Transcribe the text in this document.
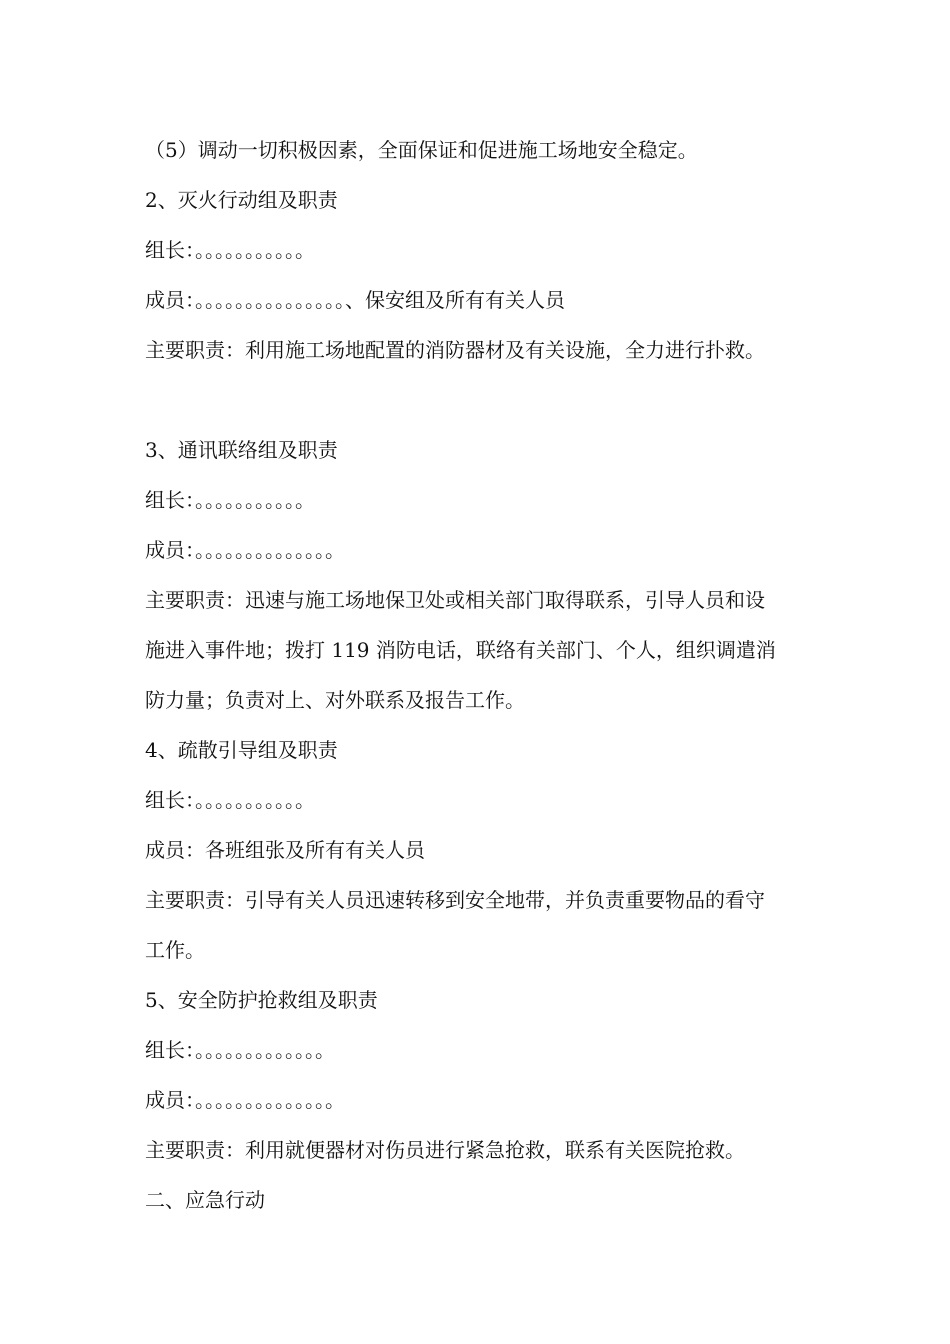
（5）调动一切积极因素，全面保证和促进施工场地安全稳定。
2、灭火行动组及职责
组长：。。。。。。。。。。。
成员：。。。。。。。。。。。。。。。、保安组及所有有关人员
主要职责：利用施工场地配置的消防器材及有关设施，全力进行扑救。
3、通讯联络组及职责
组长：。。。。。。。。。。。
成员：。。。。。。。。。。。。。。
主要职责：迅速与施工场地保卫处或相关部门取得联系，引导人员和设
施进入事件地；拨打 119 消防电话，联络有关部门、个人，组织调遣消
防力量；负责对上、对外联系及报告工作。
4、疏散引导组及职责
组长：。。。。。。。。。。。
成员：各班组张及所有有关人员
主要职责：引导有关人员迅速转移到安全地带，并负责重要物品的看守
工作。
5、安全防护抢救组及职责
组长：。。。。。。。。。。。。。
成员：。。。。。。。。。。。。。。
主要职责：利用就便器材对伤员进行紧急抢救，联系有关医院抢救。
二、应急行动
